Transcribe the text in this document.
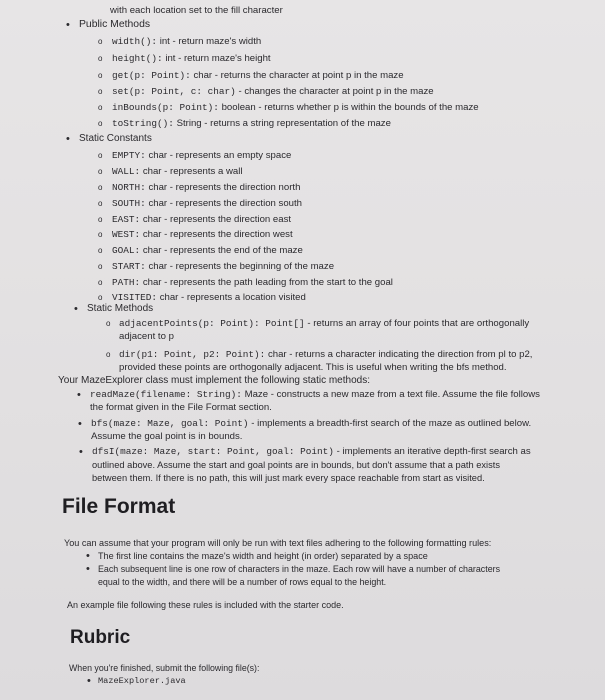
with each location set to the fill character
• Public Methods
o width(): int - return maze's width
o height(): int - return maze's height
o get(p: Point): char - returns the character at point p in the maze
o set(p: Point, c: char) - changes the character at point p in the maze
o inBounds(p: Point): boolean - returns whether p is within the bounds of the maze
o toString(): String - returns a string representation of the maze
• Static Constants
o EMPTY: char - represents an empty space
o WALL: char - represents a wall
o NORTH: char - represents the direction north
o SOUTH: char - represents the direction south
o EAST: char - represents the direction east
o WEST: char - represents the direction west
o GOAL: char - represents the end of the maze
o START: char - represents the beginning of the maze
o PATH: char - represents the path leading from the start to the goal
o VISITED: char - represents a location visited
• Static Methods
o adjacentPoints(p: Point): Point[] - returns an array of four points that are orthogonally
adjacent to p
o dir(p1: Point, p2: Point): char - returns a character indicating the direction from pl to p2,
provided these points are orthogonally adjacent. This is useful when writing the bfs method.
Your MazeExplorer class must implement the following static methods:
• readMaze(filename: String): Maze - constructs a new maze from a text file. Assume the file follows
the format given in the File Format section.
• bfs(maze: Maze, goal: Point) - implements a breadth-first search of the maze as outlined below.
Assume the goal point is in bounds.
• dfsI(maze: Maze, start: Point, goal: Point) - implements an iterative depth-first search as
outlined above. Assume the start and goal points are in bounds, but don't assume that a path exists
between them. If there is no path, this will just mark every space reachable from start as visited.
File Format
You can assume that your program will only be run with text files adhering to the following formatting rules:
• The first line contains the maze's width and height (in order) separated by a space
• Each subsequent line is one row of characters in the maze. Each row will have a number of characters
equal to the width, and there will be a number of rows equal to the height.
An example file following these rules is included with the starter code.
Rubric
When you're finished, submit the following file(s):
• MazeExplorer.java
